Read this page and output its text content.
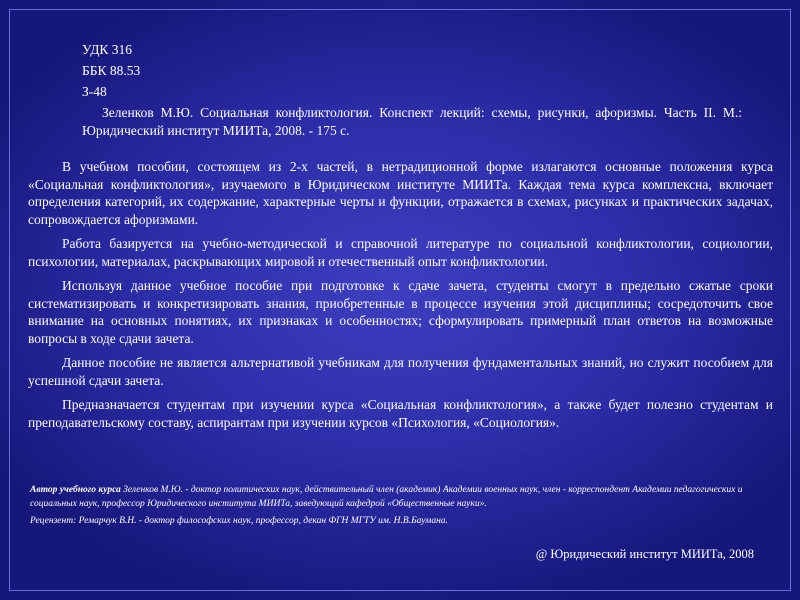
УДК 316
ББК 88.53
З-48
Зеленков М.Ю. Социальная конфликтология. Конспект лекций: схемы, рисунки, афоризмы. Часть II. М.: Юридический институт МИИТа, 2008. - 175 с.

В учебном пособии, состоящем из 2-х частей, в нетрадиционной форме излагаются основные положения курса «Социальная конфликтология», изучаемого в Юридическом институте МИИТа. Каждая тема курса комплексна, включает определения категорий, их содержание, характерные черты и функции, отражается в схемах, рисунках и практических задачах, сопровождается афоризмами.

Работа базируется на учебно-методической и справочной литературе по социальной конфликтологии, социологии, психологии, материалах, раскрывающих мировой и отечественный опыт конфликтологии.

Используя данное учебное пособие при подготовке к сдаче зачета, студенты смогут в предельно сжатые сроки систематизировать и конкретизировать знания, приобретенные в процессе изучения этой дисциплины; сосредоточить свое внимание на основных понятиях, их признаках и особенностях; сформулировать примерный план ответов на возможные вопросы в ходе сдачи зачета.

Данное пособие не является альтернативой учебникам для получения фундаментальных знаний, но служит пособием для успешной сдачи зачета.

Предназначается студентам при изучении курса «Социальная конфликтология», а также будет полезно студентам и преподавательскому составу, аспирантам при изучении курсов «Психология, «Социология».

Автор учебного курса Зеленков М.Ю. - доктор политических наук, действительный член (академик) Академии военных наук, член - корреспондент Академии педагогических и социальных наук, профессор Юридического института МИИТа, заведующий кафедрой «Общественные науки».

Рецензент: Ремарчук В.Н. - доктор философских наук, профессор, декан ФГН МГТУ им. Н.В.Баумана.

@ Юридический институт МИИТа, 2008
